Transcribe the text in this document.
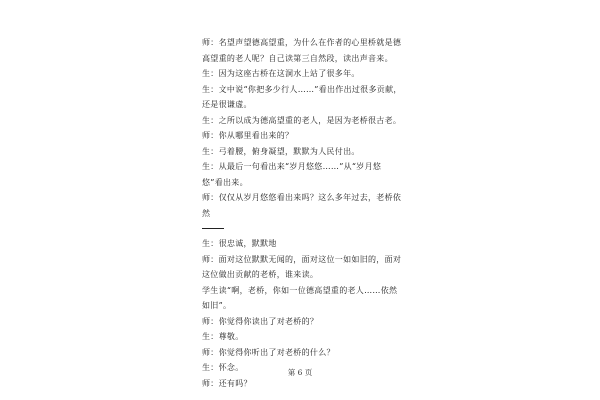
师：名望声望德高望重，为什么在作者的心里桥就是德高望重的老人呢？自己读第三自然段，读出声音来。

生：因为这座古桥在这洞水上站了很多年。

生：文中说“你把多少行人……”看出作出过很多贡献，还是很谦虚。

生：之所以成为德高望重的老人，是因为老桥很古老。

师：你从哪里看出来的？

生：弓着腰，俯身凝望，默默为人民付出。

生：从最后一句看出来“岁月悠悠……”从“岁月悠悠”看出来。

师：仅仅从岁月悠悠看出来吗？这么多年过去，老桥依然

生：很忠诚，默默地

师：面对这位默默无闻的，面对这位一如如旧的，面对这位做出贡献的老桥，谁来读。

学生读“啊，老桥，你如一位德高望重的老人……依然如旧”。

师：你觉得你读出了对老桥的？

生：尊敬。

师：你觉得你听出了对老桥的什么？

生：怀念。

师：还有吗？

第 6 页
